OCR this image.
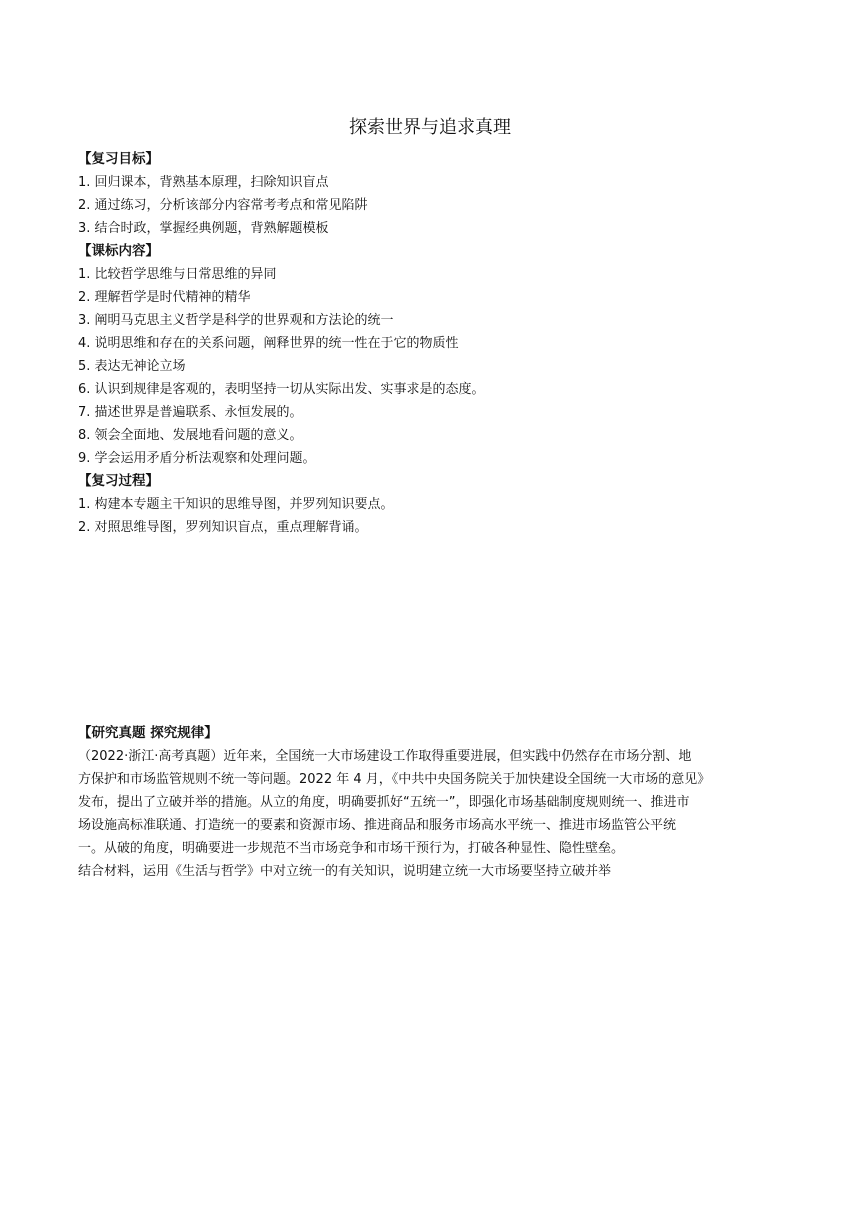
探索世界与追求真理
【复习目标】
1. 回归课本，背熟基本原理，扫除知识盲点
2. 通过练习，分析该部分内容常考考点和常见陷阱
3. 结合时政，掌握经典例题，背熟解题模板
【课标内容】
1. 比较哲学思维与日常思维的异同
2. 理解哲学是时代精神的精华
3. 阐明马克思主义哲学是科学的世界观和方法论的统一
4. 说明思维和存在的关系问题，阐释世界的统一性在于它的物质性
5. 表达无神论立场
6. 认识到规律是客观的，表明坚持一切从实际出发、实事求是的态度。
7. 描述世界是普遍联系、永恒发展的。
8. 领会全面地、发展地看问题的意义。
9. 学会运用矛盾分析法观察和处理问题。
【复习过程】
1. 构建本专题主干知识的思维导图，并罗列知识要点。
2. 对照思维导图，罗列知识盲点，重点理解背诵。
【研究真题 探究规律】
（2022·浙江·高考真题）近年来，全国统一大市场建设工作取得重要进展，但实践中仍然存在市场分割、地
方保护和市场监管规则不统一等问题。2022 年 4 月，《中共中央国务院关于加快建设全国统一大市场的意见》
发布，提出了立破并举的措施。从立的角度，明确要抓好“五统一”，即强化市场基础制度规则统一、推进市
场设施高标准联通、打造统一的要素和资源市场、推进商品和服务市场高水平统一、推进市场监管公平统
一。从破的角度，明确要进一步规范不当市场竞争和市场干预行为，打破各种显性、隐性壁垒。
结合材料，运用《生活与哲学》中对立统一的有关知识，说明建立统一大市场要坚持立破并举
